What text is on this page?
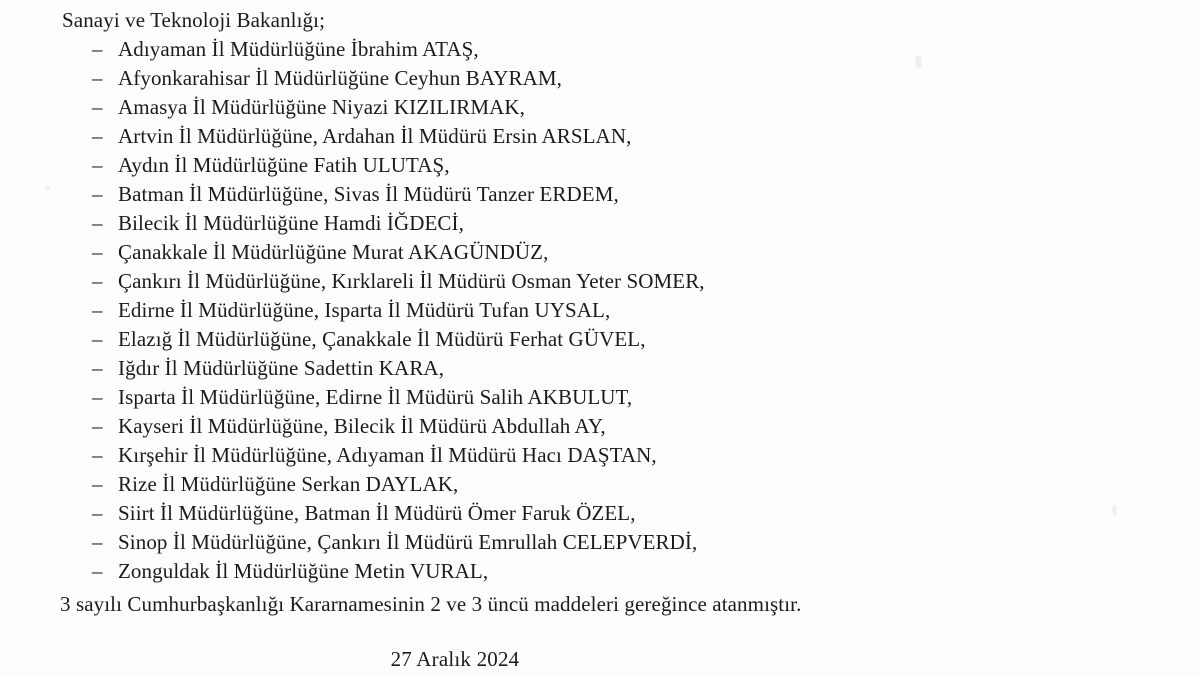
Sanayi ve Teknoloji Bakanlığı;

– Adıyaman İl Müdürlüğüne İbrahim ATAŞ,
– Afyonkarahisar İl Müdürlüğüne Ceyhun BAYRAM,
– Amasya İl Müdürlüğüne Niyazi KIZILIRMAK,
– Artvin İl Müdürlüğüne, Ardahan İl Müdürü Ersin ARSLAN,
– Aydın İl Müdürlüğüne Fatih ULUTAŞ,
– Batman İl Müdürlüğüne, Sivas İl Müdürü Tanzer ERDEM,
– Bilecik İl Müdürlüğüne Hamdi İĞDECİ,
– Çanakkale İl Müdürlüğüne Murat AKAGÜNDÜZ,
– Çankırı İl Müdürlüğüne, Kırklareli İl Müdürü Osman Yeter SOMER,
– Edirne İl Müdürlüğüne, Isparta İl Müdürü Tufan UYSAL,
– Elazığ İl Müdürlüğüne, Çanakkale İl Müdürü Ferhat GÜVEL,
– Iğdır İl Müdürlüğüne Sadettin KARA,
– Isparta İl Müdürlüğüne, Edirne İl Müdürü Salih AKBULUT,
– Kayseri İl Müdürlüğüne, Bilecik İl Müdürü Abdullah AY,
– Kırşehir İl Müdürlüğüne, Adıyaman İl Müdürü Hacı DAŞTAN,
– Rize İl Müdürlüğüne Serkan DAYLAK,
– Siirt İl Müdürlüğüne, Batman İl Müdürü Ömer Faruk ÖZEL,
– Sinop İl Müdürlüğüne, Çankırı İl Müdürü Emrullah CELEPVERDİ,
– Zonguldak İl Müdürlüğüne Metin VURAL,

3 sayılı Cumhurbaşkanlığı Kararnamesinin 2 ve 3 üncü maddeleri gereğince atanmıştır.

27 Aralık 2024
